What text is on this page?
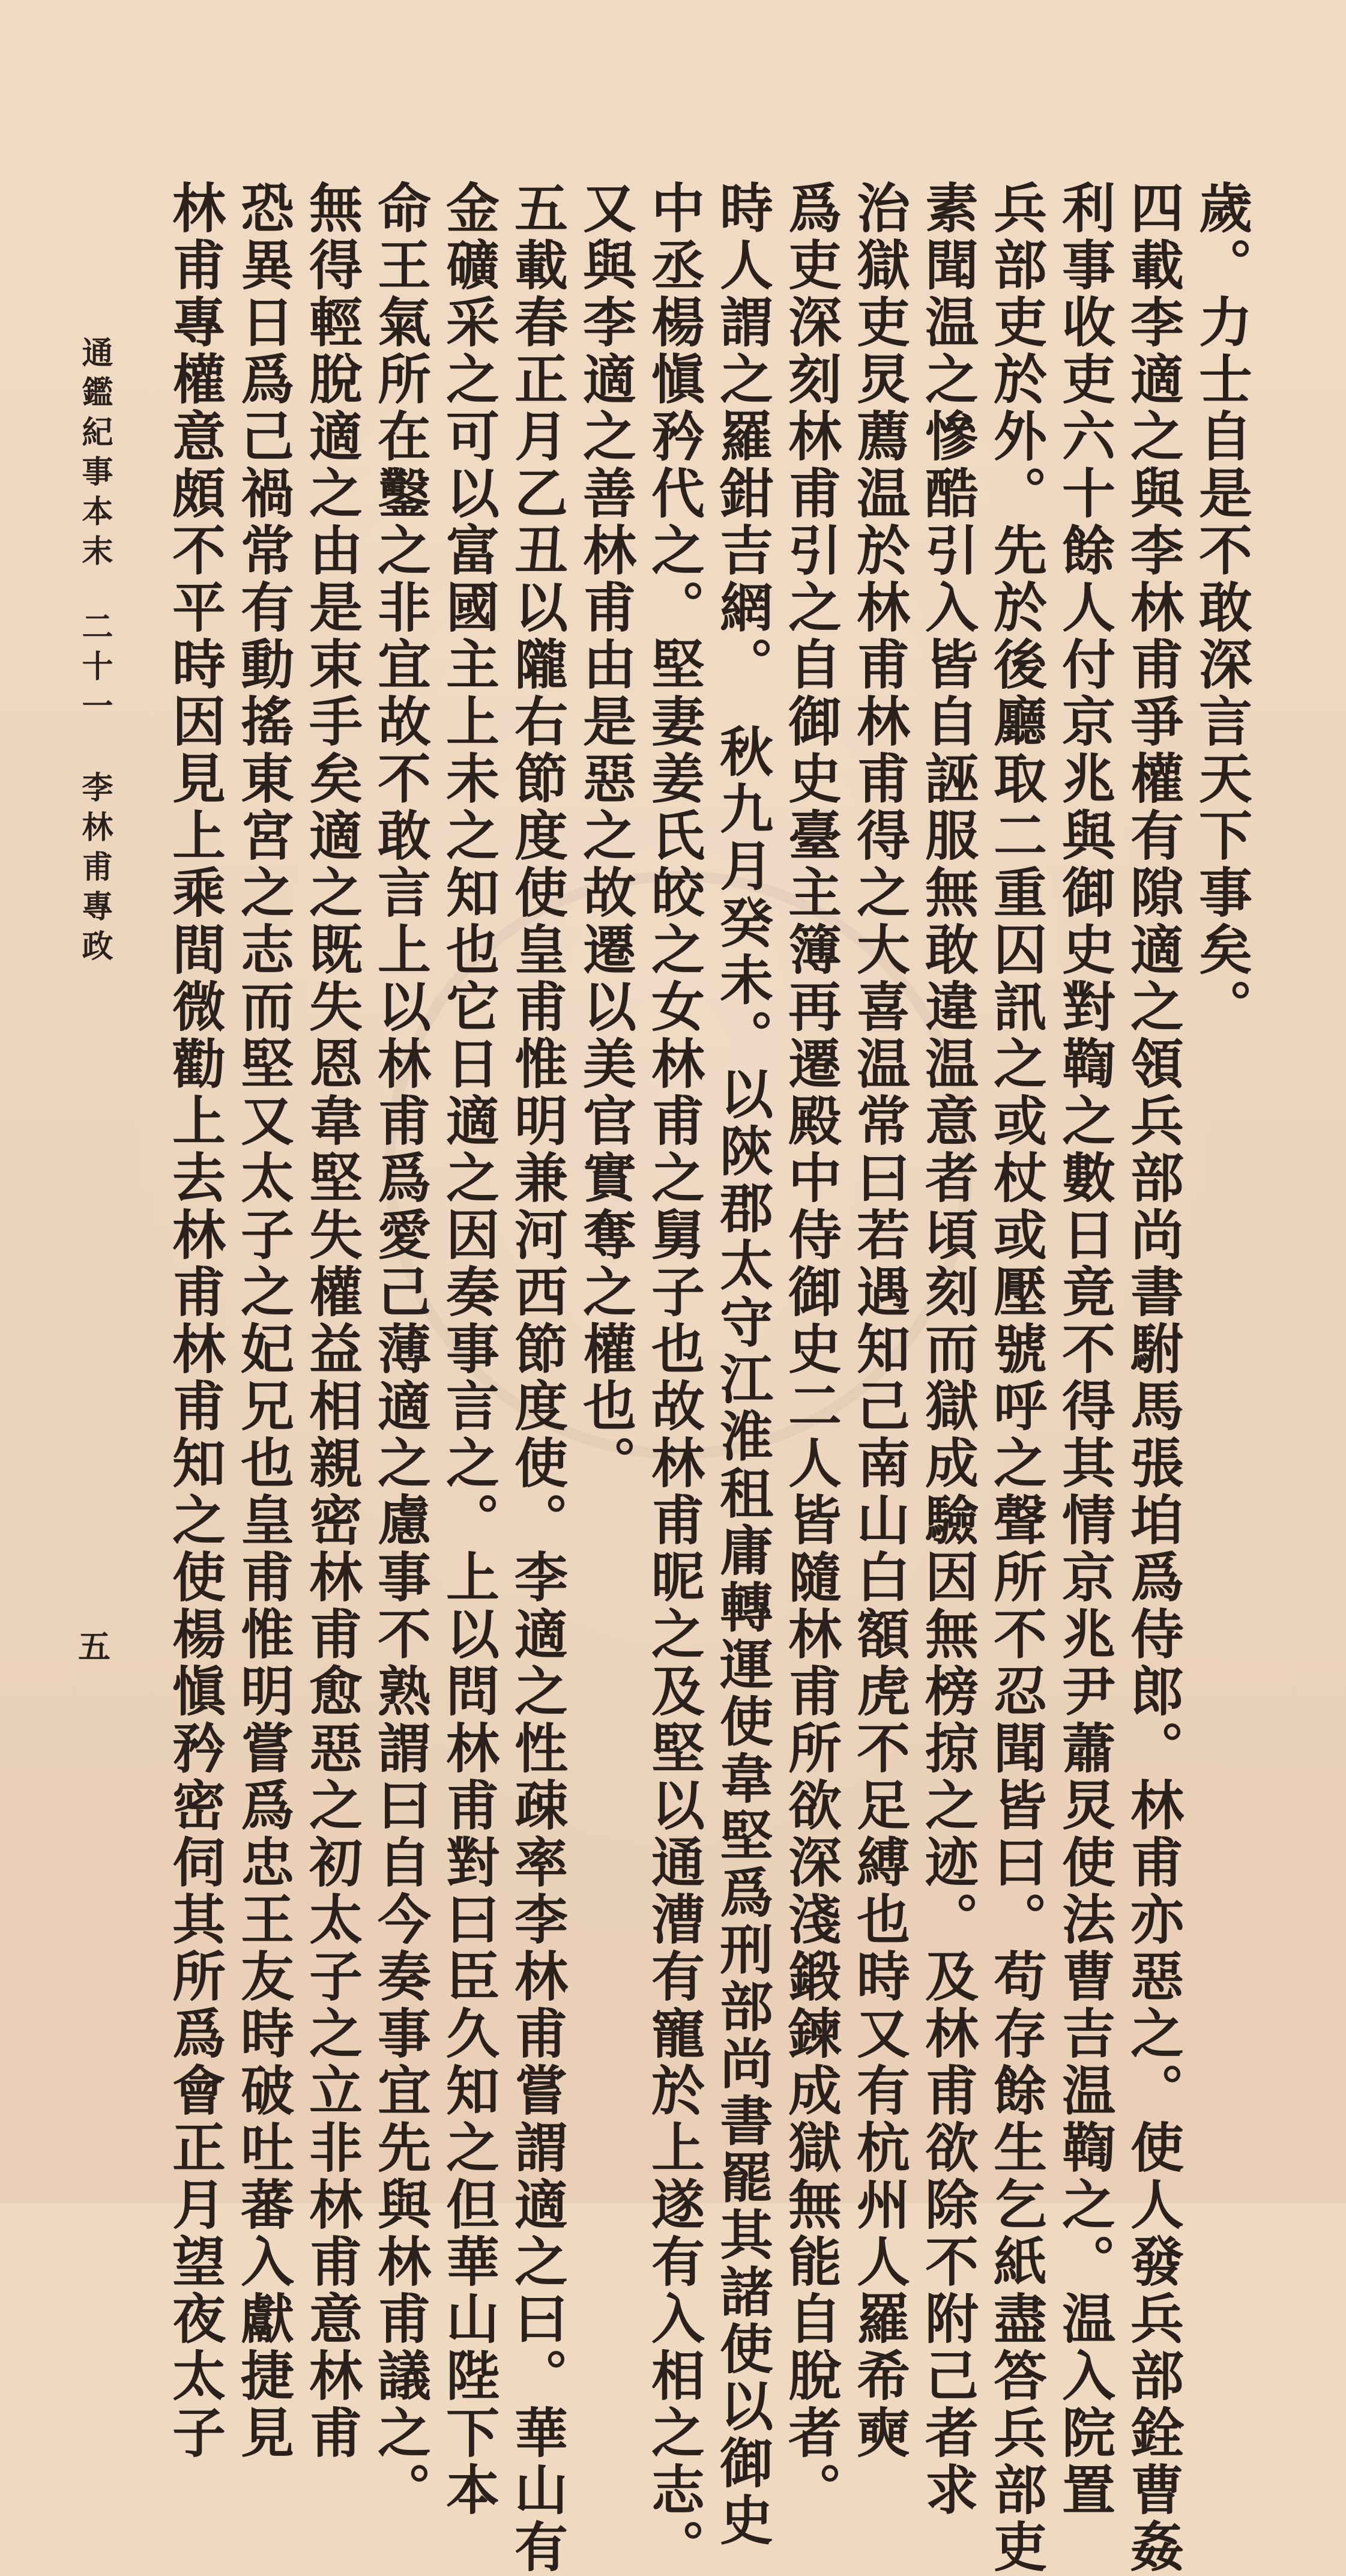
歲。力士自是不敢深言天下事矣。
四載李適之與李林甫爭權有隙適之領兵部尚書駙馬張垍爲侍郎。林甫亦惡之。使人發兵部銓曹姦
利事收吏六十餘人付京兆與御史對鞫之數日竟不得其情京兆尹蕭炅使法曹吉温鞫之。温入院置
兵部吏於外。先於後廳取二重囚訊之或杖或壓號呼之聲所不忍聞皆曰。苟存餘生乞紙盡答兵部吏
素聞温之慘酷引入皆自誣服無敢違温意者頃刻而獄成驗因無榜掠之迹。及林甫欲除不附己者求
治獄吏炅薦温於林甫林甫得之大喜温常曰若遇知己南山白額虎不足縛也時又有杭州人羅希奭
爲吏深刻林甫引之自御史臺主簿再遷殿中侍御史二人皆隨林甫所欲深淺鍛鍊成獄無能自脫者。
時人謂之羅鉗吉網。　秋九月癸未。以陝郡太守江淮租庸轉運使韋堅爲刑部尚書罷其諸使以御史
中丞楊愼矜代之。堅妻姜氏皎之女林甫之舅子也故林甫昵之及堅以通漕有寵於上遂有入相之志。
又與李適之善林甫由是惡之故遷以美官實奪之權也。
五載春正月乙丑以隴右節度使皇甫惟明兼河西節度使。李適之性疎率李林甫嘗謂適之曰。華山有
金礦采之可以富國主上未之知也它日適之因奏事言之。上以問林甫對曰臣久知之但華山陛下本
命王氣所在鑿之非宜故不敢言上以林甫爲愛己薄適之慮事不熟謂曰自今奏事宜先與林甫議之。
無得輕脫適之由是束手矣適之既失恩韋堅失權益相親密林甫愈惡之初太子之立非林甫意林甫
恐異日爲己禍常有動搖東宮之志而堅又太子之妃兄也皇甫惟明嘗爲忠王友時破吐蕃入獻捷見
林甫專權意頗不平時因見上乘間微勸上去林甫林甫知之使楊愼矜密伺其所爲會正月望夜太子
通鑑紀事本末二十一李林甫專政
五
